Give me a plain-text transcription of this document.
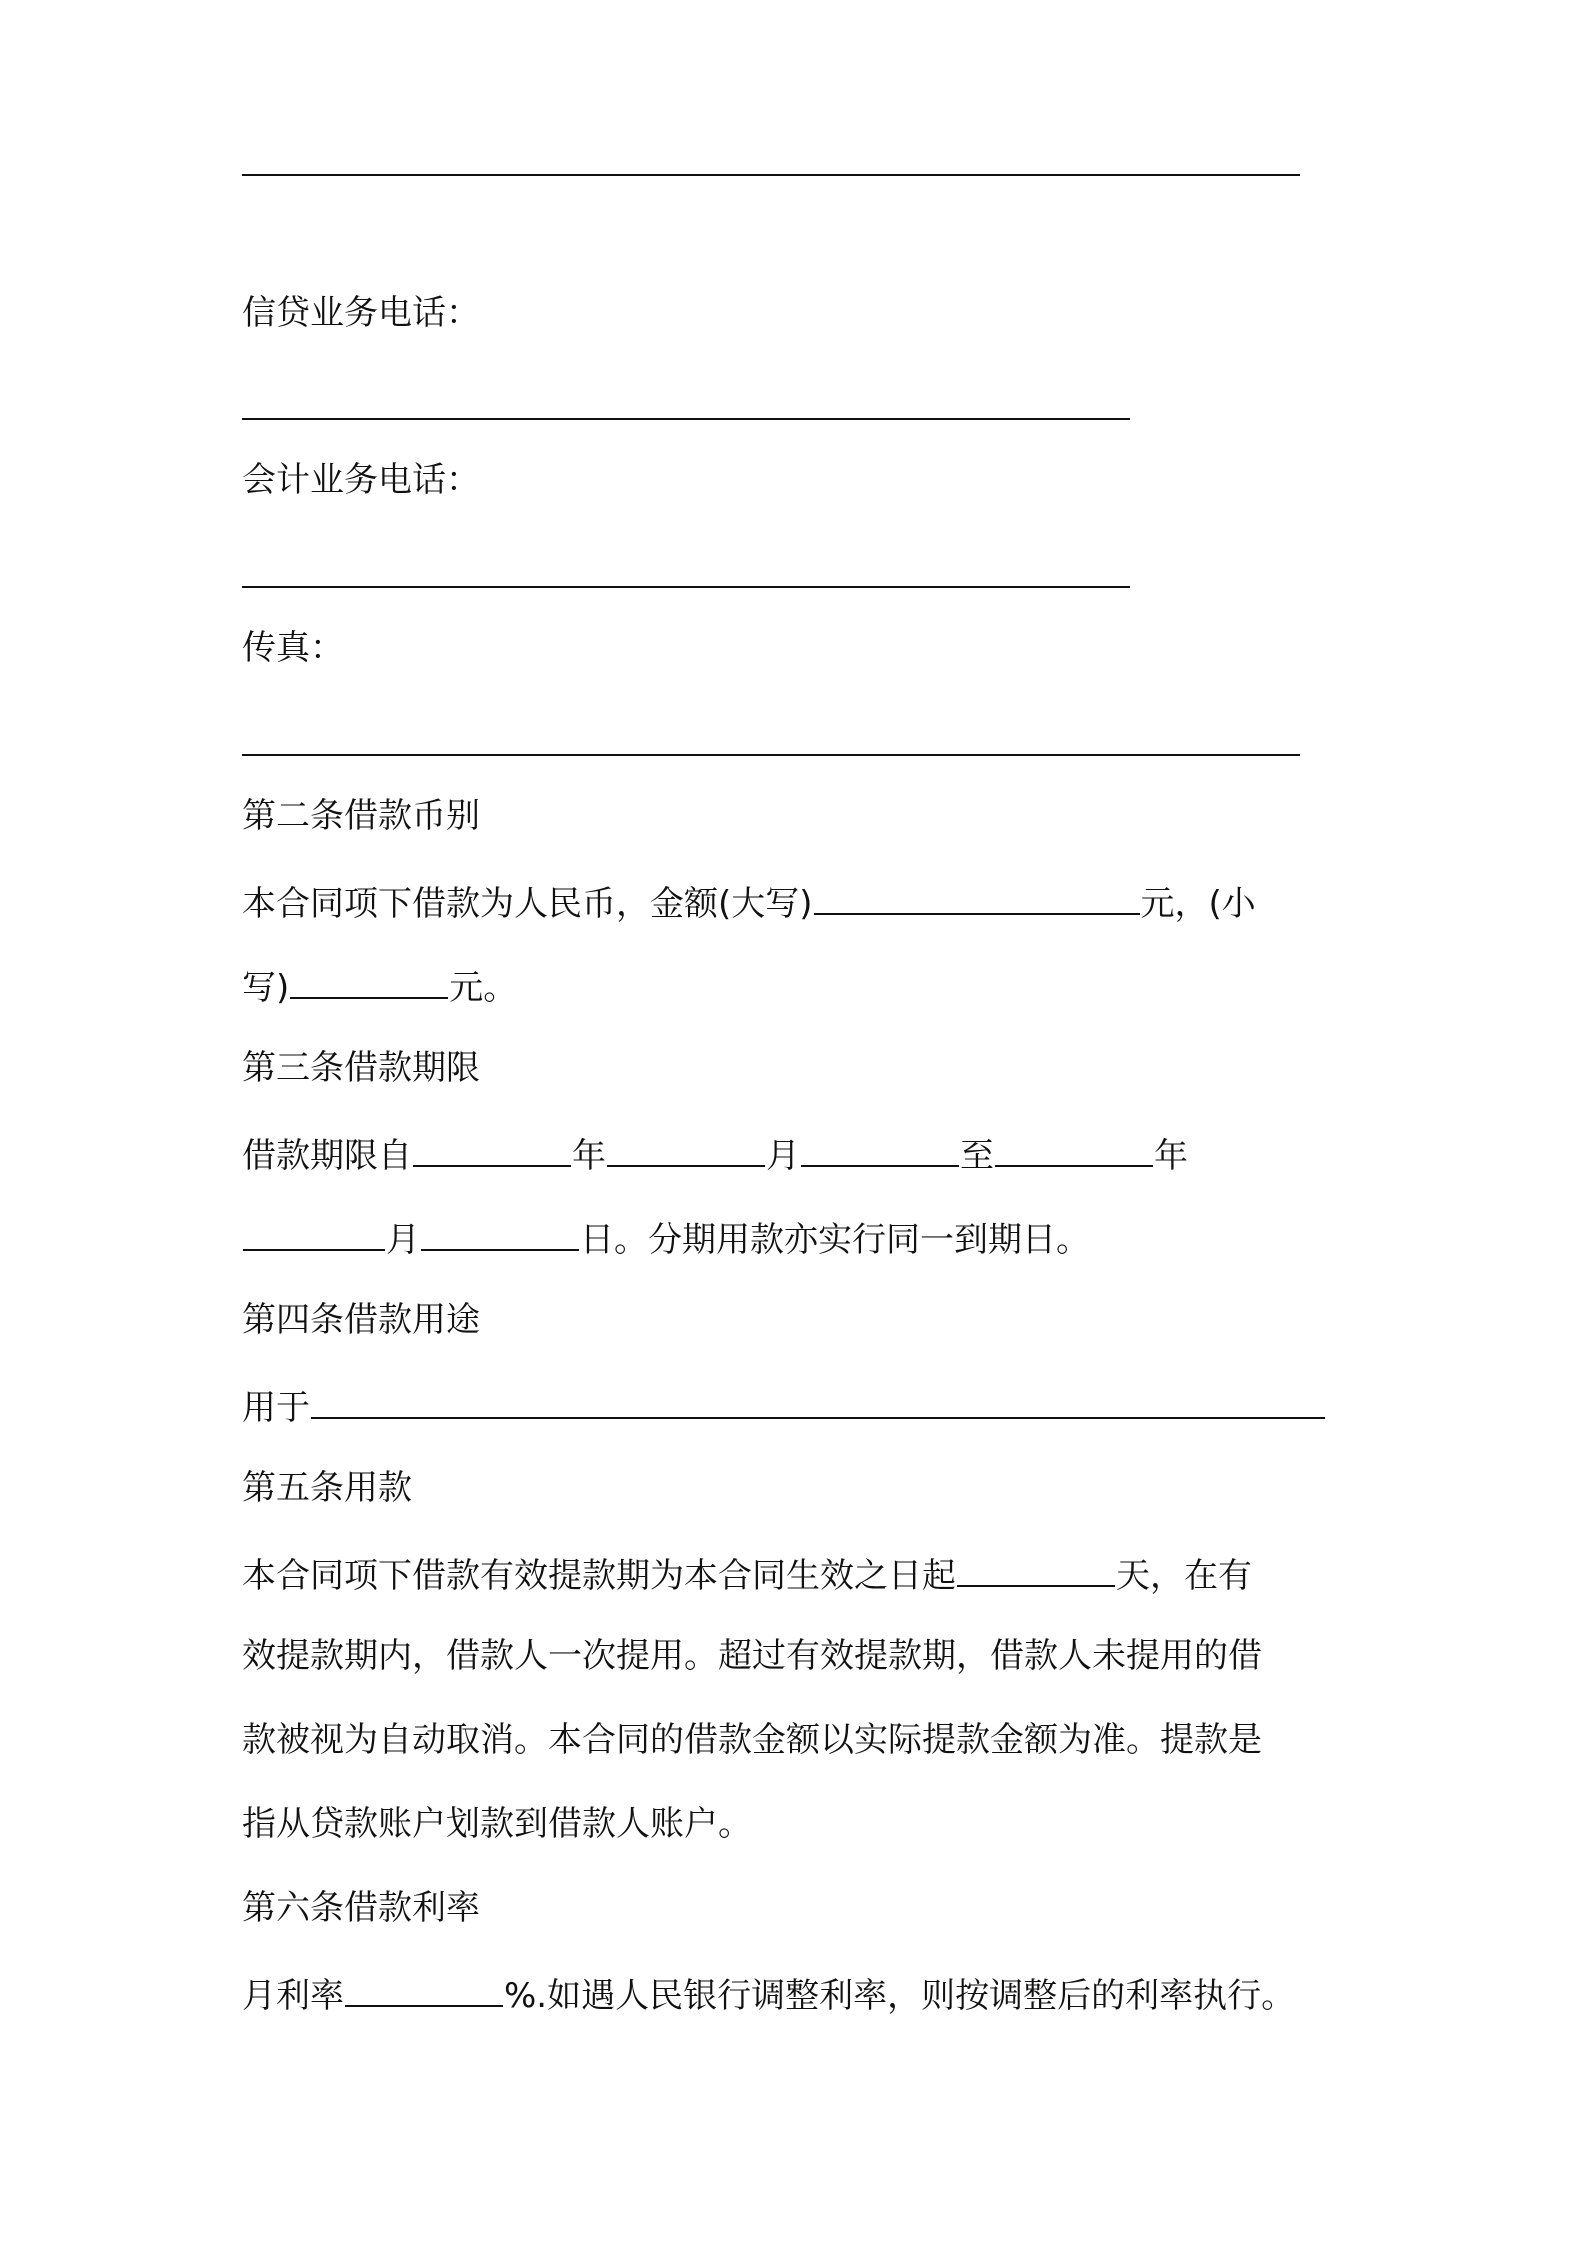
信贷业务电话：
会计业务电话：
传真：
第二条借款币别
本合同项下借款为人民币，金额(大写)	元，(小
写)	元。
第三条借款期限
借款期限自	年	月	至	年
月	日。分期用款亦实行同一到期日。
第四条借款用途
用于
第五条用款
本合同项下借款有效提款期为本合同生效之日起	天，在有
效提款期内，借款人一次提用。超过有效提款期，借款人未提用的借
款被视为自动取消。本合同的借款金额以实际提款金额为准。提款是
指从贷款账户划款到借款人账户。
第六条借款利率
月利率	%.如遇人民银行调整利率，则按调整后的利率执行。
